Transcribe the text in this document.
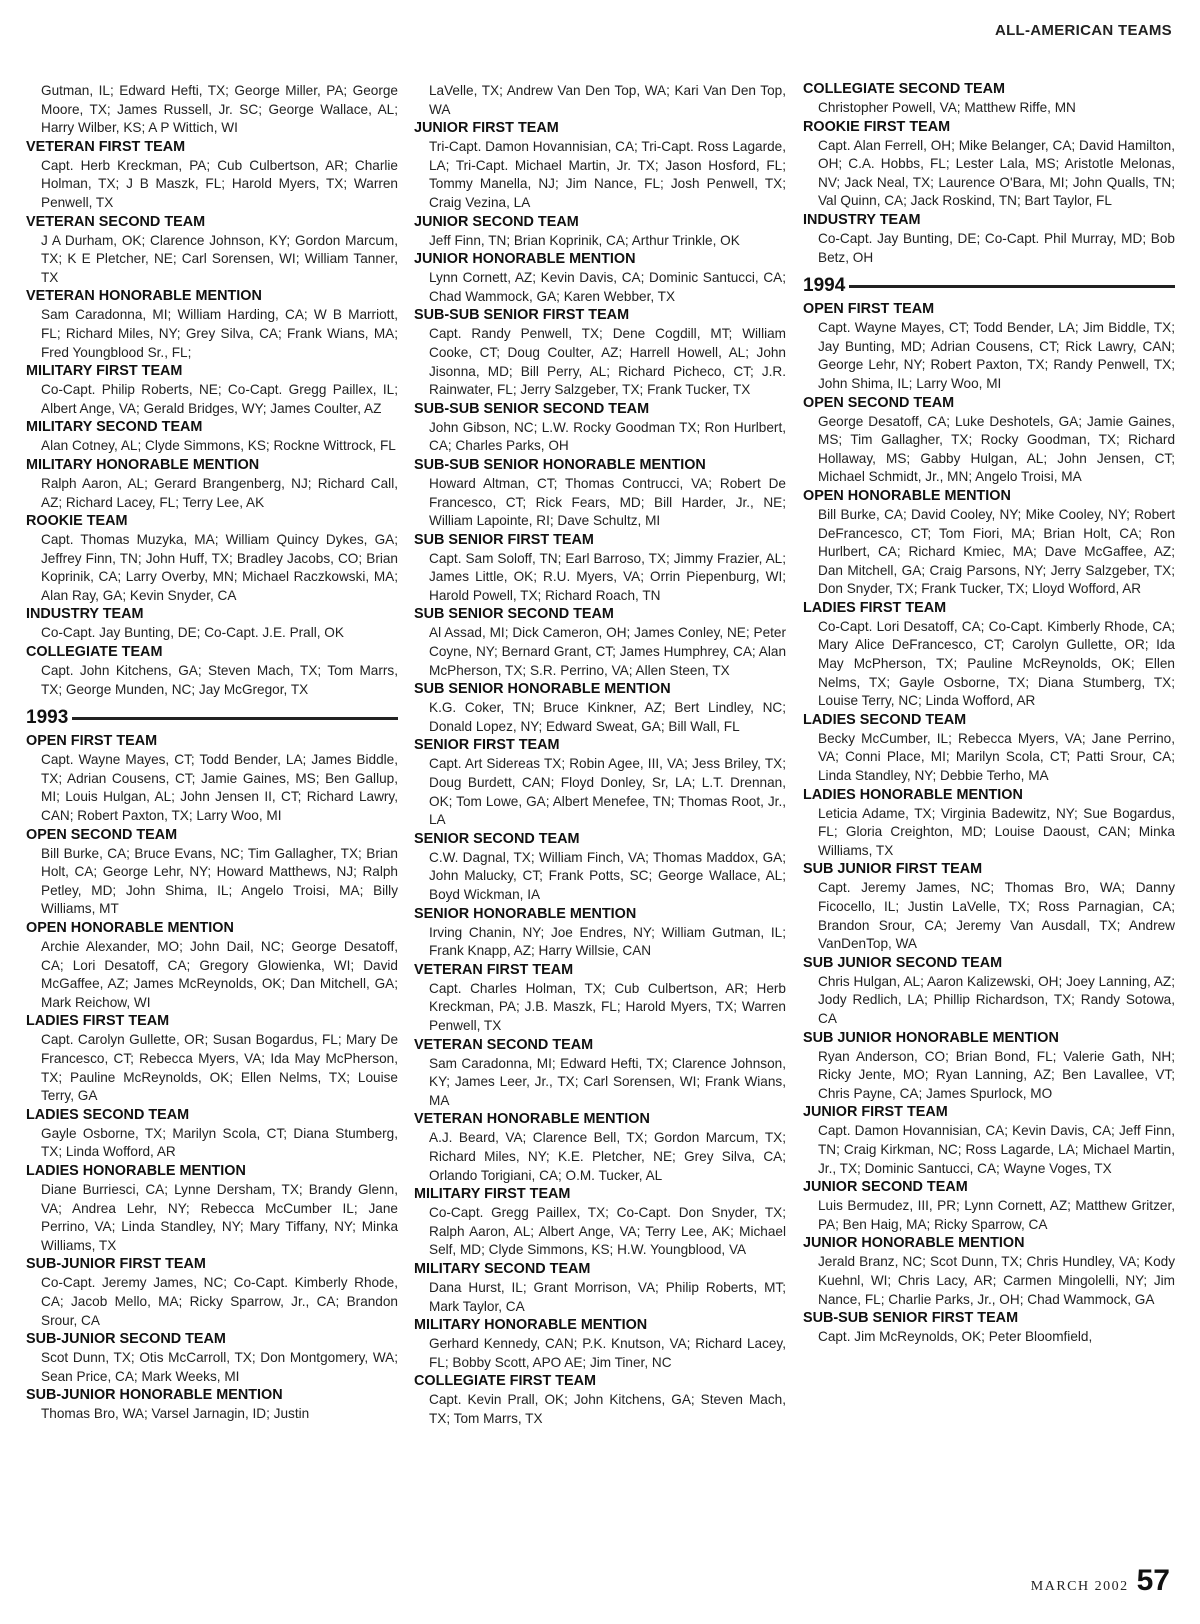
ALL-AMERICAN TEAMS
Gutman, IL; Edward Hefti, TX; George Miller, PA; George Moore, TX; James Russell, Jr. SC; George Wallace, AL; Harry Wilber, KS; A P Wittich, WI
VETERAN FIRST TEAM
Capt. Herb Kreckman, PA; Cub Culbertson, AR; Charlie Holman, TX; J B Maszk, FL; Harold Myers, TX; Warren Penwell, TX
VETERAN SECOND TEAM
J A Durham, OK; Clarence Johnson, KY; Gordon Marcum, TX; K E Pletcher, NE; Carl Sorensen, WI; William Tanner, TX
VETERAN HONORABLE MENTION
Sam Caradonna, MI; William Harding, CA; W B Marriott, FL; Richard Miles, NY; Grey Silva, CA; Frank Wians, MA; Fred Youngblood Sr., FL;
MILITARY FIRST TEAM
Co-Capt. Philip Roberts, NE; Co-Capt. Gregg Paillex, IL; Albert Ange, VA; Gerald Bridges, WY; James Coulter, AZ
MILITARY SECOND TEAM
Alan Cotney, AL; Clyde Simmons, KS; Rockne Wittrock, FL
MILITARY HONORABLE MENTION
Ralph Aaron, AL; Gerard Brangenberg, NJ; Richard Call, AZ; Richard Lacey, FL; Terry Lee, AK
ROOKIE TEAM
Capt. Thomas Muzyka, MA; William Quincy Dykes, GA; Jeffrey Finn, TN; John Huff, TX; Bradley Jacobs, CO; Brian Koprinik, CA; Larry Overby, MN; Michael Raczkowski, MA; Alan Ray, GA; Kevin Snyder, CA
INDUSTRY TEAM
Co-Capt. Jay Bunting, DE; Co-Capt. J.E. Prall, OK
COLLEGIATE TEAM
Capt. John Kitchens, GA; Steven Mach, TX; Tom Marrs, TX; George Munden, NC; Jay McGregor, TX
1993
OPEN FIRST TEAM
Capt. Wayne Mayes, CT; Todd Bender, LA; James Biddle, TX; Adrian Cousens, CT; Jamie Gaines, MS; Ben Gallup, MI; Louis Hulgan, AL; John Jensen II, CT; Richard Lawry, CAN; Robert Paxton, TX; Larry Woo, MI
OPEN SECOND TEAM
Bill Burke, CA; Bruce Evans, NC; Tim Gallagher, TX; Brian Holt, CA; George Lehr, NY; Howard Matthews, NJ; Ralph Petley, MD; John Shima, IL; Angelo Troisi, MA; Billy Williams, MT
OPEN HONORABLE MENTION
Archie Alexander, MO; John Dail, NC; George Desatoff, CA; Lori Desatoff, CA; Gregory Glowienka, WI; David McGaffee, AZ; James McReynolds, OK; Dan Mitchell, GA; Mark Reichow, WI
LADIES FIRST TEAM
Capt. Carolyn Gullette, OR; Susan Bogardus, FL; Mary De Francesco, CT; Rebecca Myers, VA; Ida May McPherson, TX; Pauline McReynolds, OK; Ellen Nelms, TX; Louise Terry, GA
LADIES SECOND TEAM
Gayle Osborne, TX; Marilyn Scola, CT; Diana Stumberg, TX; Linda Wofford, AR
LADIES HONORABLE MENTION
Diane Burriesci, CA; Lynne Dersham, TX; Brandy Glenn, VA; Andrea Lehr, NY; Rebecca McCumber IL; Jane Perrino, VA; Linda Standley, NY; Mary Tiffany, NY; Minka Williams, TX
SUB-JUNIOR FIRST TEAM
Co-Capt. Jeremy James, NC; Co-Capt. Kimberly Rhode, CA; Jacob Mello, MA; Ricky Sparrow, Jr., CA; Brandon Srour, CA
SUB-JUNIOR SECOND TEAM
Scot Dunn, TX; Otis McCarroll, TX; Don Montgomery, WA; Sean Price, CA; Mark Weeks, MI
SUB-JUNIOR HONORABLE MENTION
Thomas Bro, WA; Varsel Jarnagin, ID; Justin
LaVelle, TX; Andrew Van Den Top, WA; Kari Van Den Top, WA
JUNIOR FIRST TEAM
Tri-Capt. Damon Hovannisian, CA; Tri-Capt. Ross Lagarde, LA; Tri-Capt. Michael Martin, Jr. TX; Jason Hosford, FL; Tommy Manella, NJ; Jim Nance, FL; Josh Penwell, TX; Craig Vezina, LA
JUNIOR SECOND TEAM
Jeff Finn, TN; Brian Koprinik, CA; Arthur Trinkle, OK
JUNIOR HONORABLE MENTION
Lynn Cornett, AZ; Kevin Davis, CA; Dominic Santucci, CA; Chad Wammock, GA; Karen Webber, TX
SUB-SUB SENIOR FIRST TEAM
Capt. Randy Penwell, TX; Dene Cogdill, MT; William Cooke, CT; Doug Coulter, AZ; Harrell Howell, AL; John Jisonna, MD; Bill Perry, AL; Richard Picheco, CT; J.R. Rainwater, FL; Jerry Salzgeber, TX; Frank Tucker, TX
SUB-SUB SENIOR SECOND TEAM
John Gibson, NC; L.W. Rocky Goodman TX; Ron Hurlbert, CA; Charles Parks, OH
SUB-SUB SENIOR HONORABLE MENTION
Howard Altman, CT; Thomas Contrucci, VA; Robert De Francesco, CT; Rick Fears, MD; Bill Harder, Jr., NE; William Lapointe, RI; Dave Schultz, MI
SUB SENIOR FIRST TEAM
Capt. Sam Soloff, TN; Earl Barroso, TX; Jimmy Frazier, AL; James Little, OK; R.U. Myers, VA; Orrin Piepenburg, WI; Harold Powell, TX; Richard Roach, TN
SUB SENIOR SECOND TEAM
Al Assad, MI; Dick Cameron, OH; James Conley, NE; Peter Coyne, NY; Bernard Grant, CT; James Humphrey, CA; Alan McPherson, TX; S.R. Perrino, VA; Allen Steen, TX
SUB SENIOR HONORABLE MENTION
K.G. Coker, TN; Bruce Kinkner, AZ; Bert Lindley, NC; Donald Lopez, NY; Edward Sweat, GA; Bill Wall, FL
SENIOR FIRST TEAM
Capt. Art Sidereas TX; Robin Agee, III, VA; Jess Briley, TX; Doug Burdett, CAN; Floyd Donley, Sr, LA; L.T. Drennan, OK; Tom Lowe, GA; Albert Menefee, TN; Thomas Root, Jr., LA
SENIOR SECOND TEAM
C.W. Dagnal, TX; William Finch, VA; Thomas Maddox, GA; John Malucky, CT; Frank Potts, SC; George Wallace, AL; Boyd Wickman, IA
SENIOR HONORABLE MENTION
Irving Chanin, NY; Joe Endres, NY; William Gutman, IL; Frank Knapp, AZ; Harry Willsie, CAN
VETERAN FIRST TEAM
Capt. Charles Holman, TX; Cub Culbertson, AR; Herb Kreckman, PA; J.B. Maszk, FL; Harold Myers, TX; Warren Penwell, TX
VETERAN SECOND TEAM
Sam Caradonna, MI; Edward Hefti, TX; Clarence Johnson, KY; James Leer, Jr., TX; Carl Sorensen, WI; Frank Wians, MA
VETERAN HONORABLE MENTION
A.J. Beard, VA; Clarence Bell, TX; Gordon Marcum, TX; Richard Miles, NY; K.E. Pletcher, NE; Grey Silva, CA; Orlando Torigiani, CA; O.M. Tucker, AL
MILITARY FIRST TEAM
Co-Capt. Gregg Paillex, TX; Co-Capt. Don Snyder, TX; Ralph Aaron, AL; Albert Ange, VA; Terry Lee, AK; Michael Self, MD; Clyde Simmons, KS; H.W. Youngblood, VA
MILITARY SECOND TEAM
Dana Hurst, IL; Grant Morrison, VA; Philip Roberts, MT; Mark Taylor, CA
MILITARY HONORABLE MENTION
Gerhard Kennedy, CAN; P.K. Knutson, VA; Richard Lacey, FL; Bobby Scott, APO AE; Jim Tiner, NC
COLLEGIATE FIRST TEAM
Capt. Kevin Prall, OK; John Kitchens, GA; Steven Mach, TX; Tom Marrs, TX
COLLEGIATE SECOND TEAM
Christopher Powell, VA; Matthew Riffe, MN
ROOKIE FIRST TEAM
Capt. Alan Ferrell, OH; Mike Belanger, CA; David Hamilton, OH; C.A. Hobbs, FL; Lester Lala, MS; Aristotle Melonas, NV; Jack Neal, TX; Laurence O'Bara, MI; John Qualls, TN; Val Quinn, CA; Jack Roskind, TN; Bart Taylor, FL
INDUSTRY TEAM
Co-Capt. Jay Bunting, DE; Co-Capt. Phil Murray, MD; Bob Betz, OH
1994
OPEN FIRST TEAM
Capt. Wayne Mayes, CT; Todd Bender, LA; Jim Biddle, TX; Jay Bunting, MD; Adrian Cousens, CT; Rick Lawry, CAN; George Lehr, NY; Robert Paxton, TX; Randy Penwell, TX; John Shima, IL; Larry Woo, MI
OPEN SECOND TEAM
George Desatoff, CA; Luke Deshotels, GA; Jamie Gaines, MS; Tim Gallagher, TX; Rocky Goodman, TX; Richard Hollaway, MS; Gabby Hulgan, AL; John Jensen, CT; Michael Schmidt, Jr., MN; Angelo Troisi, MA
OPEN HONORABLE MENTION
Bill Burke, CA; David Cooley, NY; Mike Cooley, NY; Robert DeFrancesco, CT; Tom Fiori, MA; Brian Holt, CA; Ron Hurlbert, CA; Richard Kmiec, MA; Dave McGaffee, AZ; Dan Mitchell, GA; Craig Parsons, NY; Jerry Salzgeber, TX; Don Snyder, TX; Frank Tucker, TX; Lloyd Wofford, AR
LADIES FIRST TEAM
Co-Capt. Lori Desatoff, CA; Co-Capt. Kimberly Rhode, CA; Mary Alice DeFrancesco, CT; Carolyn Gullette, OR; Ida May McPherson, TX; Pauline McReynolds, OK; Ellen Nelms, TX; Gayle Osborne, TX; Diana Stumberg, TX; Louise Terry, NC; Linda Wofford, AR
LADIES SECOND TEAM
Becky McCumber, IL; Rebecca Myers, VA; Jane Perrino, VA; Conni Place, MI; Marilyn Scola, CT; Patti Srour, CA; Linda Standley, NY; Debbie Terho, MA
LADIES HONORABLE MENTION
Leticia Adame, TX; Virginia Badewitz, NY; Sue Bogardus, FL; Gloria Creighton, MD; Louise Daoust, CAN; Minka Williams, TX
SUB JUNIOR FIRST TEAM
Capt. Jeremy James, NC; Thomas Bro, WA; Danny Ficocello, IL; Justin LaVelle, TX; Ross Parnagian, CA; Brandon Srour, CA; Jeremy Van Ausdall, TX; Andrew VanDenTop, WA
SUB JUNIOR SECOND TEAM
Chris Hulgan, AL; Aaron Kalizewski, OH; Joey Lanning, AZ; Jody Redlich, LA; Phillip Richardson, TX; Randy Sotowa, CA
SUB JUNIOR HONORABLE MENTION
Ryan Anderson, CO; Brian Bond, FL; Valerie Gath, NH; Ricky Jente, MO; Ryan Lanning, AZ; Ben Lavallee, VT; Chris Payne, CA; James Spurlock, MO
JUNIOR FIRST TEAM
Capt. Damon Hovannisian, CA; Kevin Davis, CA; Jeff Finn, TN; Craig Kirkman, NC; Ross Lagarde, LA; Michael Martin, Jr., TX; Dominic Santucci, CA; Wayne Voges, TX
JUNIOR SECOND TEAM
Luis Bermudez, III, PR; Lynn Cornett, AZ; Matthew Gritzer, PA; Ben Haig, MA; Ricky Sparrow, CA
JUNIOR HONORABLE MENTION
Jerald Branz, NC; Scot Dunn, TX; Chris Hundley, VA; Kody Kuehnl, WI; Chris Lacy, AR; Carmen Mingolelli, NY; Jim Nance, FL; Charlie Parks, Jr., OH; Chad Wammock, GA
SUB-SUB SENIOR FIRST TEAM
Capt. Jim McReynolds, OK; Peter Bloomfield,
MARCH 2002 57
